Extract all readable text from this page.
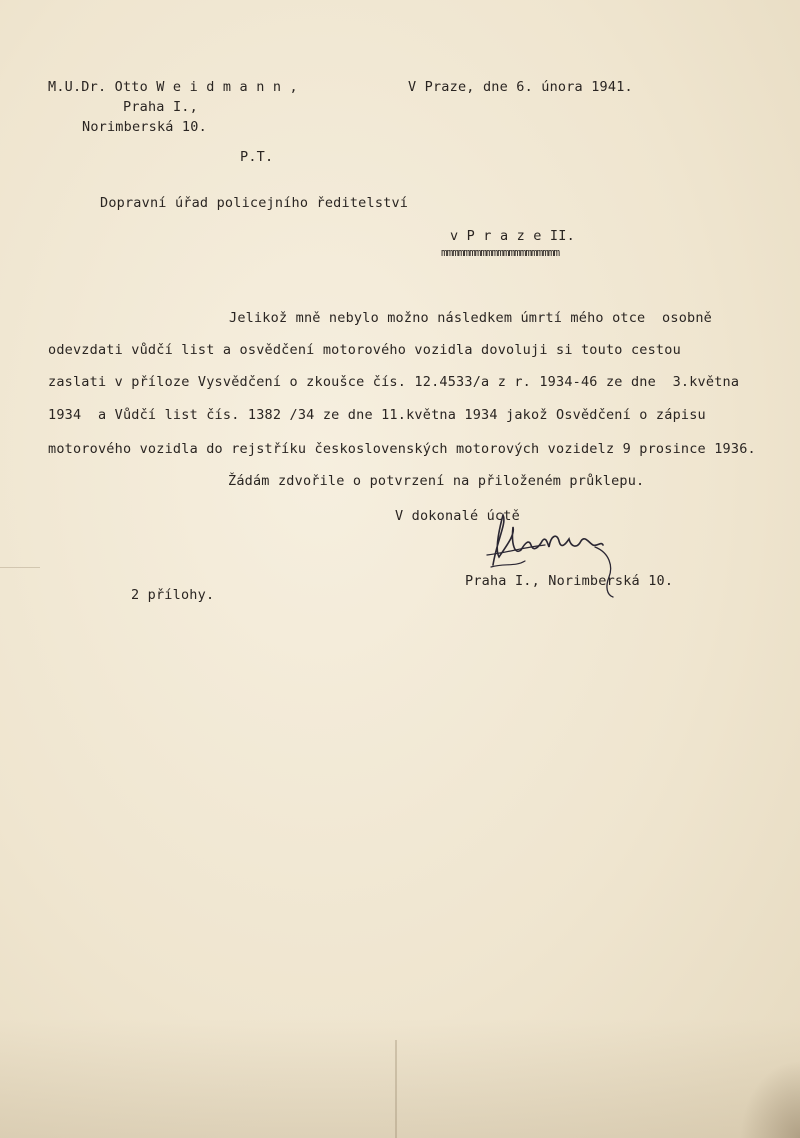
M.U.Dr. Otto W e i d m a n n ,
Praha I.,
Norimberská 10.
V Praze, dne 6. února 1941.
P.T.
Dopravní úřad policejního ředitelství
v P r a z e II.
mmmmmmmmmmmmmmmmmmmmm
Jelikož mně nebylo možno následkem úmrtí mého otce  osobně
odevzdati vůdčí list a osvědčení motorového vozidla dovoluji si touto cestou
zaslati v příloze Vysvědčení o zkoušce čís. 12.4533/a z r. 1934-46 ze dne  3.května
1934  a Vůdčí list čís. 1382 /34 ze dne 11.května 1934 jakož Osvědčení o zápisu
motorového vozidla do rejstříku československých motorových vozidelz 9 prosince 1936.
Žádám zdvořile o potvrzení na přiloženém průklepu.
V dokonalé úctě
Praha I., Norimberská 10.
2 přílohy.
